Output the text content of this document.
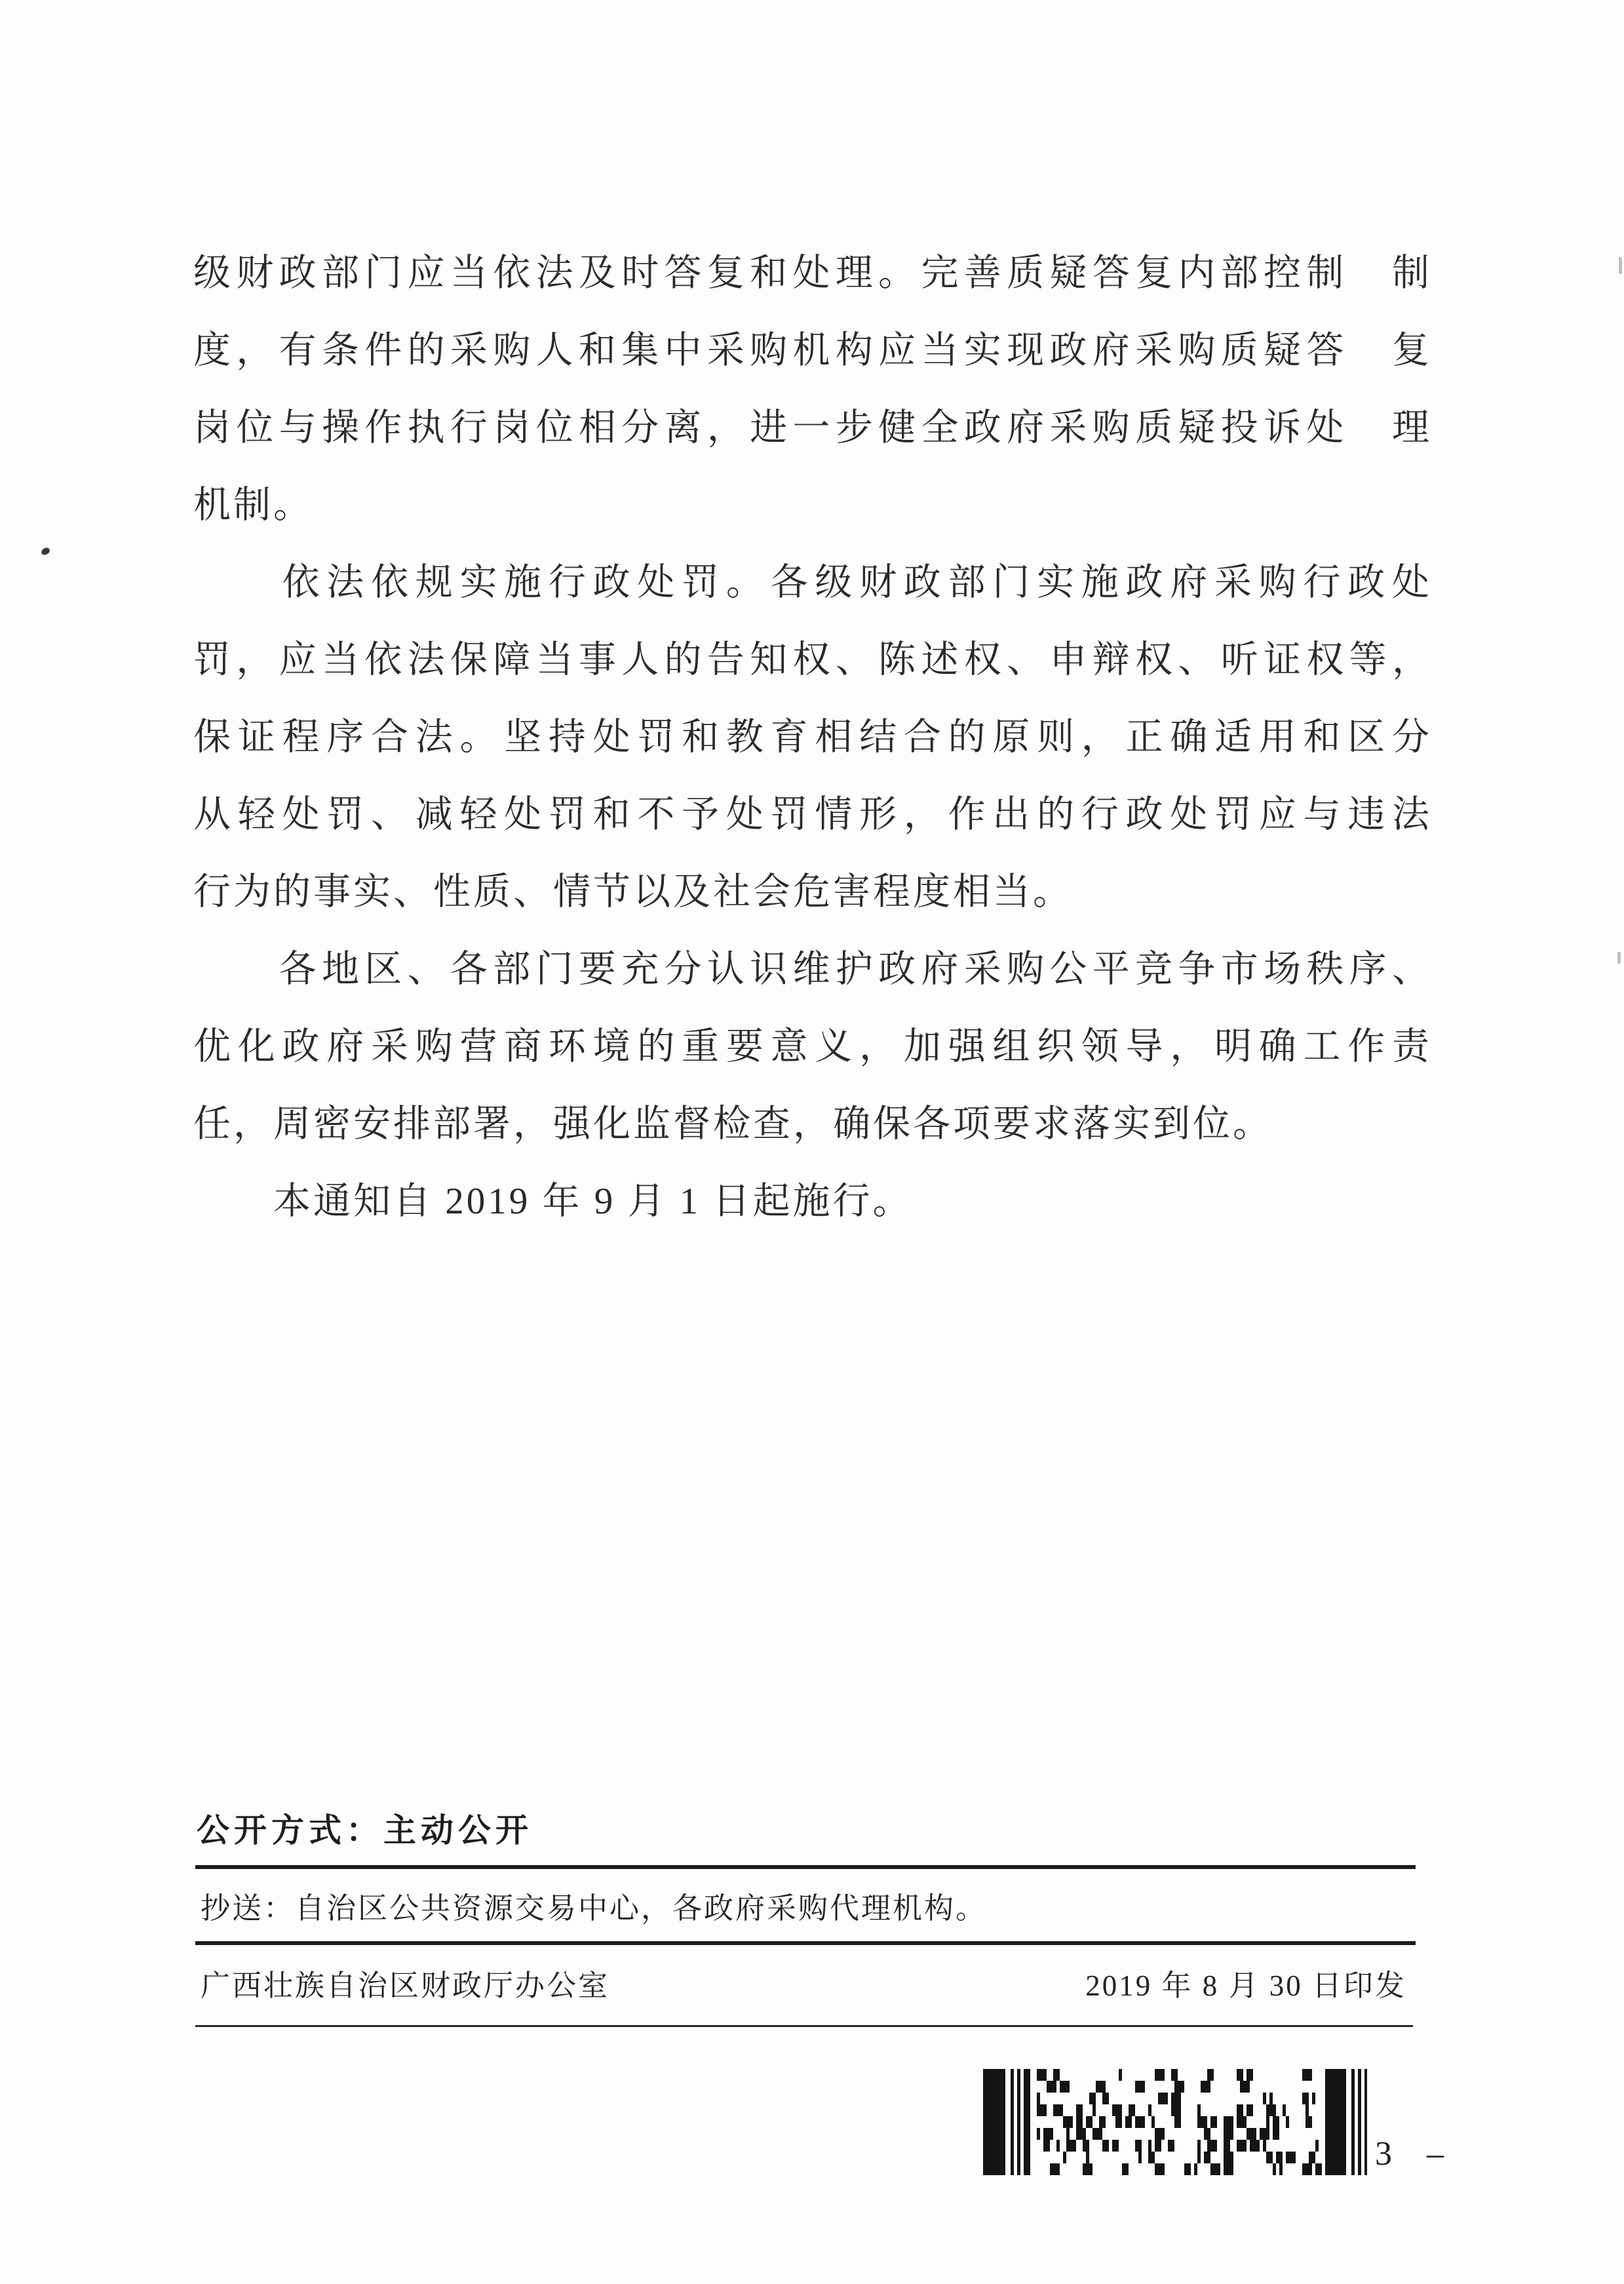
级财政部门应当依法及时答复和处理。完善质疑答复内部控制　制
度，有条件的采购人和集中采购机构应当实现政府采购质疑答　复
岗位与操作执行岗位相分离，进一步健全政府采购质疑投诉处　理
机制。
　　依法依规实施行政处罚。各级财政部门实施政府采购行政处
罚，应当依法保障当事人的告知权、陈述权、申辩权、听证权等，
保证程序合法。坚持处罚和教育相结合的原则，正确适用和区分
从轻处罚、减轻处罚和不予处罚情形，作出的行政处罚应与违法
行为的事实、性质、情节以及社会危害程度相当。
　　各地区、各部门要充分认识维护政府采购公平竞争市场秩序、
优化政府采购营商环境的重要意义，加强组织领导，明确工作责
任，周密安排部署，强化监督检查，确保各项要求落实到位。
　　本通知自 2019 年 9 月 1 日起施行。
公开方式：主动公开
抄送：自治区公共资源交易中心，各政府采购代理机构。
广西壮族自治区财政厅办公室	2019 年 8 月 30 日印发
3 –
